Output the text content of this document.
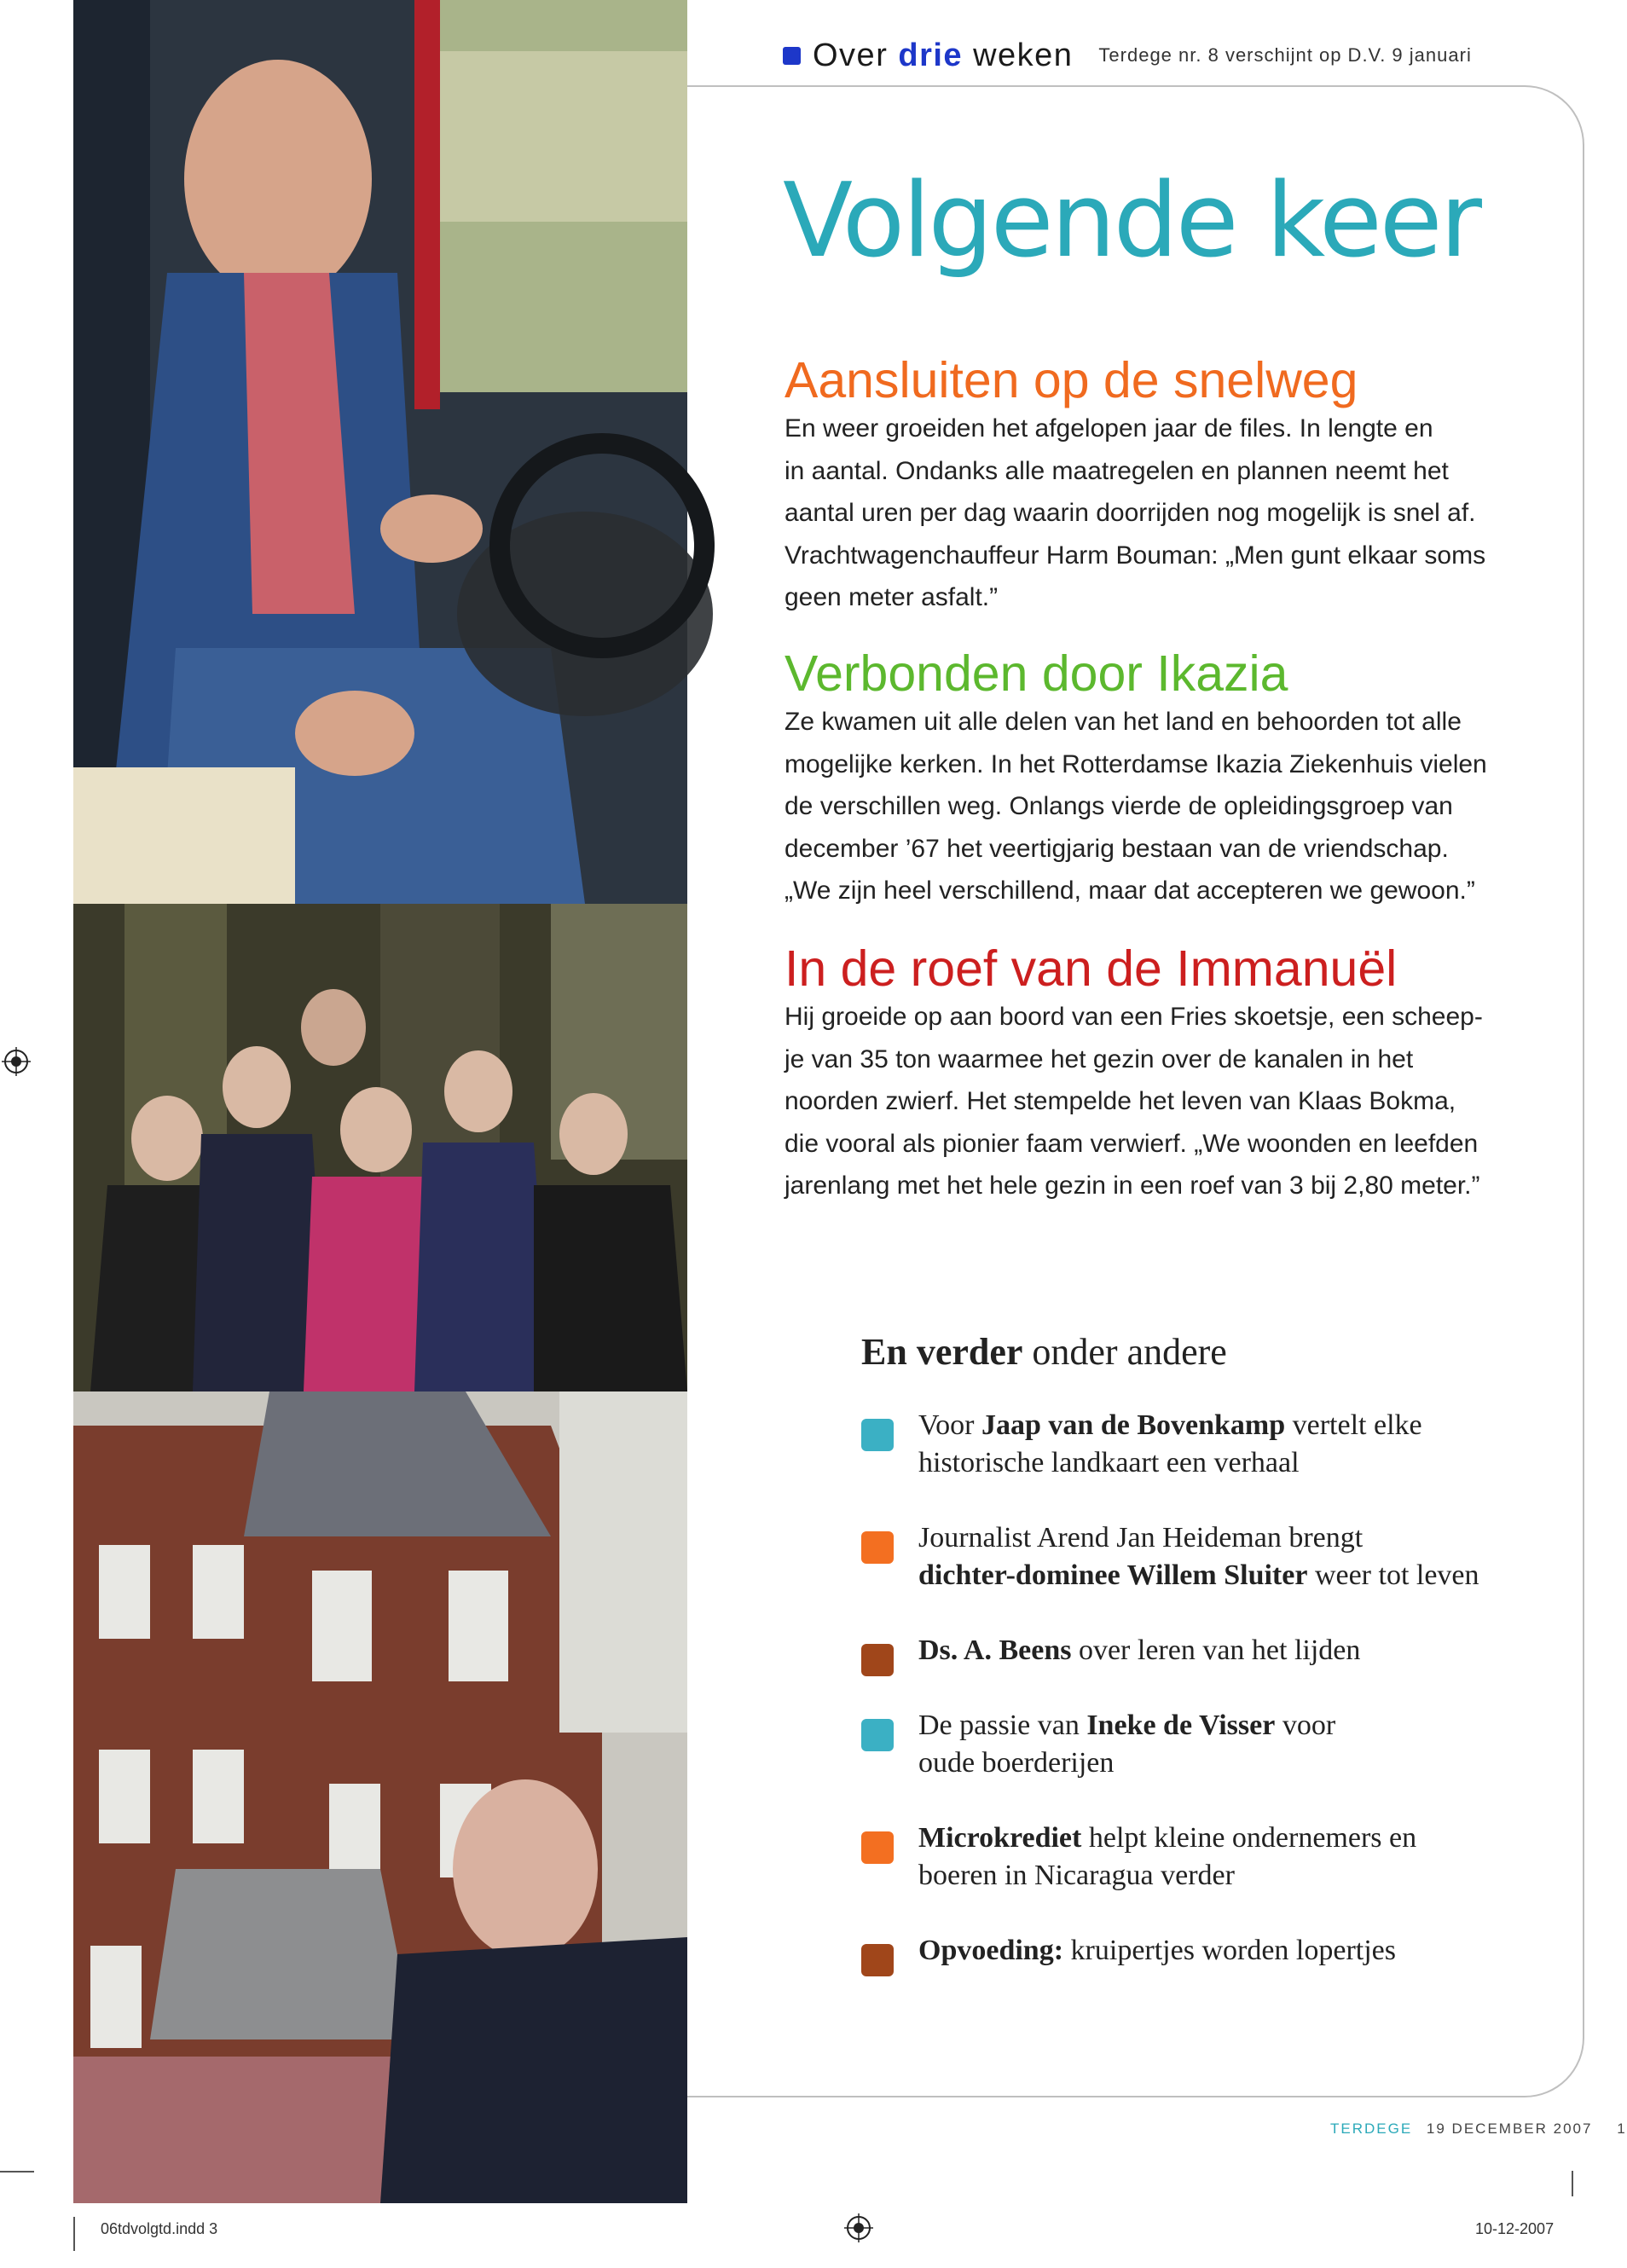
Over drie weken Terdege nr. 8 verschijnt op D.V. 9 januari
Volgende keer
Aansluiten op de snelweg
En weer groeiden het afgelopen jaar de files. In lengte en
in aantal. Ondanks alle maatregelen en plannen neemt het
aantal uren per dag waarin doorrijden nog mogelijk is snel af.
Vrachtwagenchauffeur Harm Bouman: „Men gunt elkaar soms
geen meter asfalt.”
Verbonden door Ikazia
Ze kwamen uit alle delen van het land en behoorden tot alle
mogelijke kerken. In het Rotterdamse Ikazia Ziekenhuis vielen
de verschillen weg. Onlangs vierde de opleidingsgroep van
december ’67 het veertigjarig bestaan van de vriendschap.
„We zijn heel verschillend, maar dat accepteren we gewoon.”
In de roef van de Immanuël
Hij groeide op aan boord van een Fries skoetsje, een scheep-
je van 35 ton waarmee het gezin over de kanalen in het
noorden zwierf. Het stempelde het leven van Klaas Bokma,
die vooral als pionier faam verwierf. „We woonden en leefden
jarenlang met het hele gezin in een roef van 3 bij 2,80 meter.”
En verder onder andere
Voor Jaap van de Bovenkamp vertelt elke
historische landkaart een verhaal
Journalist Arend Jan Heideman brengt
dichter-dominee Willem Sluiter weer tot leven
Ds. A. Beens over leren van het lijden
De passie van Ineke de Visser voor
oude boerderijen
Microkrediet helpt kleine ondernemers en
boeren in Nicaragua verder
Opvoeding: kruipertjes worden lopertjes
TERDEGE 19 DECEMBER 2007 1
06tdvolgtd.indd 3	10-12-2007
